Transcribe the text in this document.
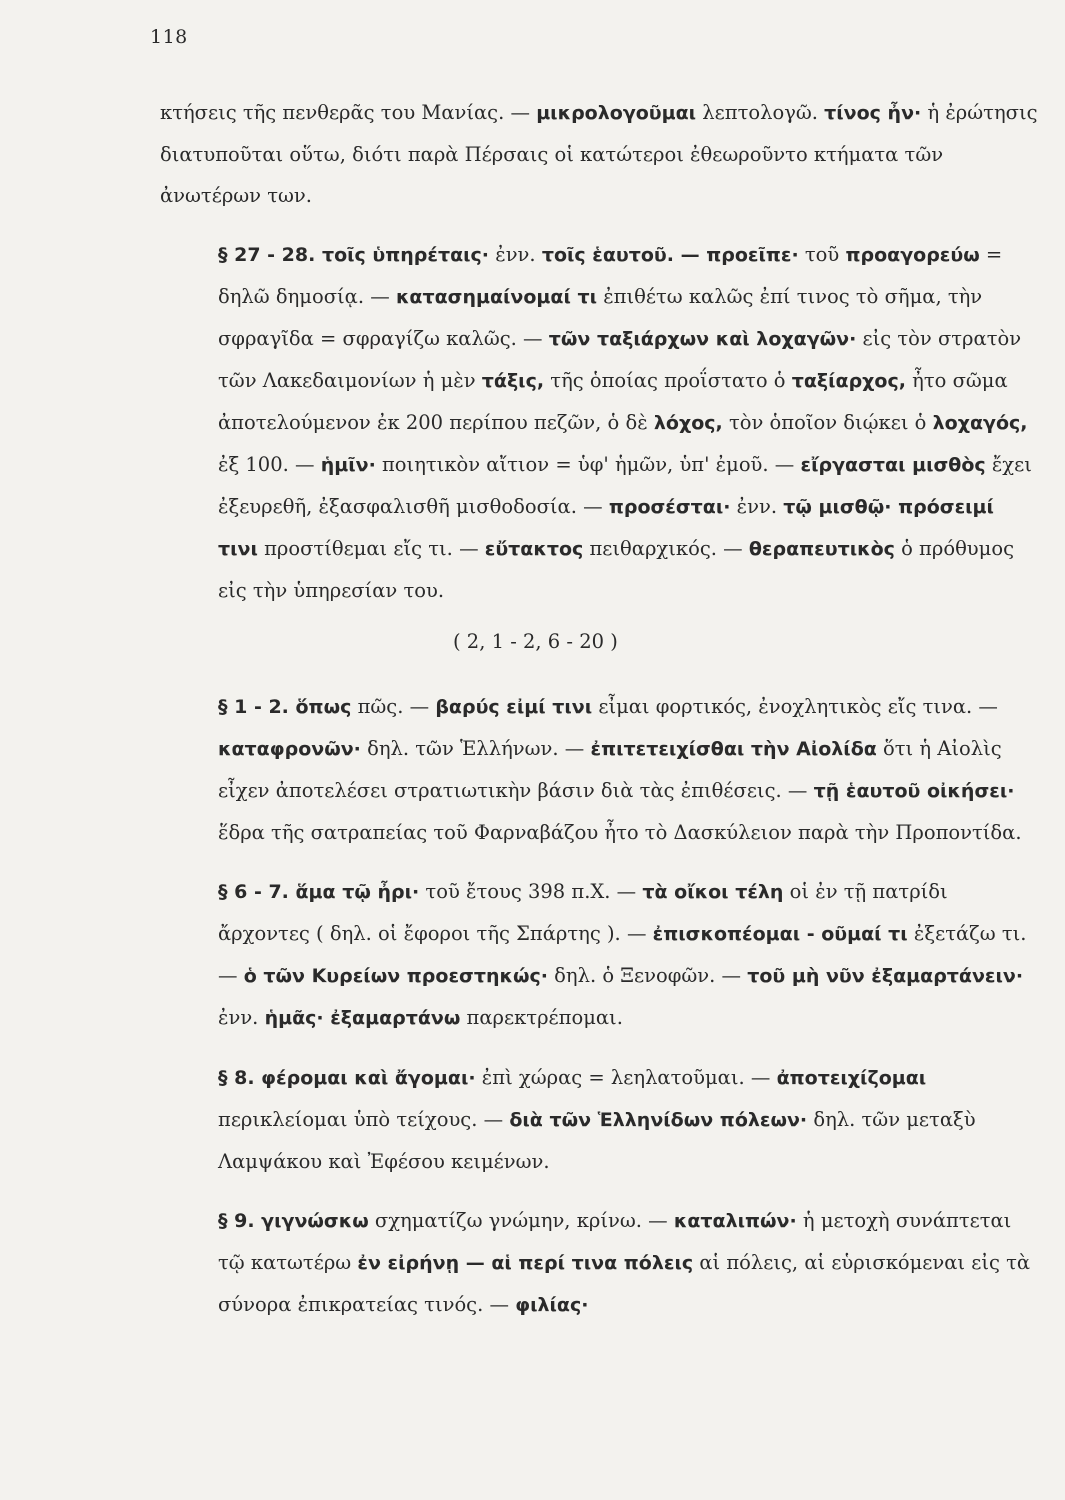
118

κτήσεις τῆς πενθερᾶς του Μανίας. — μικρολογοῦμαι λεπτολογῶ. τίνος ἦν· ἡ ἐρώτησις διατυποῦται οὕτω, διότι παρὰ Πέρσαις οἱ κατώτεροι ἐθεωροῦντο κτήματα τῶν ἀνωτέρων των.

§ 27 - 28. τοῖς ὑπηρέταις· ἐνν. τοῖς ἑαυτοῦ. — προεῖπε· τοῦ προαγορεύω = δηλῶ δημοσίᾳ. — κατασημαίνομαί τι ἐπιθέτω καλῶς ἐπί τινος τὸ σῆμα, τὴν σφραγῖδα = σφραγίζω καλῶς. — τῶν ταξιάρχων καὶ λοχαγῶν· εἰς τὸν στρατὸν τῶν Λακεδαιμονίων ἡ μὲν τάξις, τῆς ὁποίας προΐστατο ὁ ταξίαρχος, ἦτο σῶμα ἀποτελούμενον ἐκ 200 περίπου πεζῶν, ὁ δὲ λόχος, τὸν ὁποῖον διῴκει ὁ λοχαγός, ἐξ 100. — ἡμῖν· ποιητικὸν αἴτιον = ὑφ' ἡμῶν, ὑπ' ἐμοῦ. — εἴργασται μισθὸς ἔχει ἐξευρεθῆ, ἐξασφαλισθῆ μισθοδοσία. — προσέσται· ἐνν. τῷ μισθῷ· πρόσειμί τινι προστίθεμαι εἴς τι. — εὔτακτος πειθαρχικός. — θεραπευτικὸς ὁ πρόθυμος εἰς τὴν ὑπηρεσίαν του.

( 2, 1 - 2, 6 - 20 )

§ 1 - 2. ὅπως πῶς. — βαρύς εἰμί τινι εἶμαι φορτικός, ἐνοχλητικὸς εἴς τινα. — καταφρονῶν· δηλ. τῶν Ἑλλήνων. — ἐπιτετειχίσθαι τὴν Αἰολίδα ὅτι ἡ Αἰολὶς εἶχεν ἀποτελέσει στρατιωτικὴν βάσιν διὰ τὰς ἐπιθέσεις. — τῇ ἑαυτοῦ οἰκήσει· ἕδρα τῆς σατραπείας τοῦ Φαρναβάζου ἦτο τὸ Δασκύλειον παρὰ τὴν Προποντίδα.

§ 6 - 7. ἅμα τῷ ἦρι· τοῦ ἔτους 398 π.Χ. — τὰ οἴκοι τέλη οἱ ἐν τῇ πατρίδι ἄρχοντες ( δηλ. οἱ ἔφοροι τῆς Σπάρτης ). — ἐπισκοπέομαι - οῦμαί τι ἐξετάζω τι. — ὁ τῶν Κυρείων προεστηκώς· δηλ. ὁ Ξενοφῶν. — τοῦ μὴ νῦν ἐξαμαρτάνειν· ἐνν. ἡμᾶς· ἐξαμαρτάνω παρεκτρέπομαι.

§ 8. φέρομαι καὶ ἄγομαι· ἐπὶ χώρας = λεηλατοῦμαι. — ἀποτειχίζομαι περικλείομαι ὑπὸ τείχους. — διὰ τῶν Ἑλληνίδων πόλεων· δηλ. τῶν μεταξὺ Λαμψάκου καὶ Ἐφέσου κειμένων.

§ 9. γιγνώσκω σχηματίζω γνώμην, κρίνω. — καταλιπών· ἡ μετοχὴ συνάπτεται τῷ κατωτέρω ἐν εἰρήνῃ — αἱ περί τινα πόλεις αἱ πόλεις, αἱ εὑρισκόμεναι εἰς τὰ σύνορα ἐπικρατείας τινός. — φιλίας·
